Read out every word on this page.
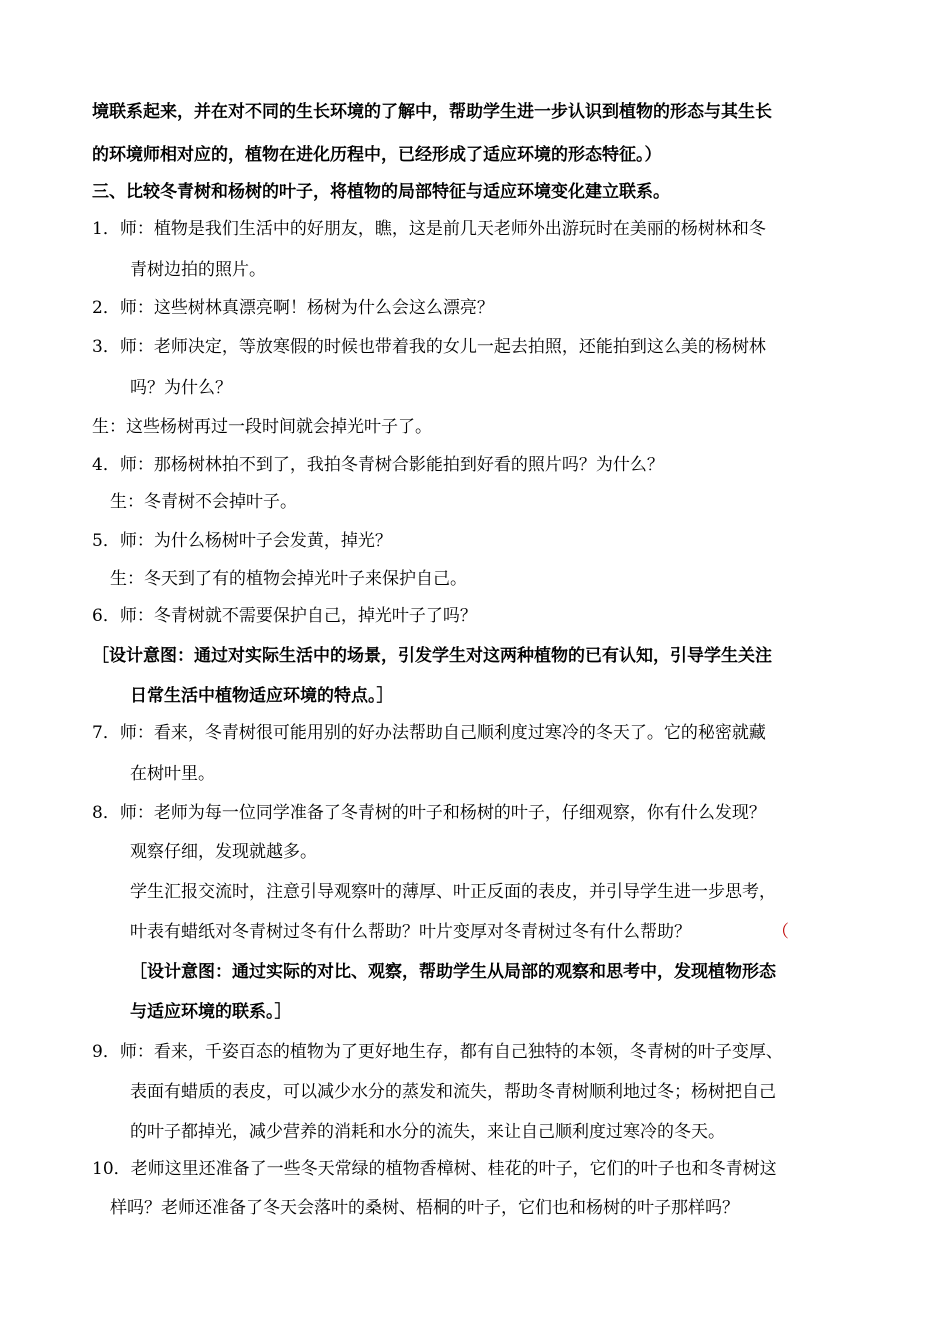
境联系起来，并在对不同的生长环境的了解中，帮助学生进一步认识到植物的形态与其生长
的环境师相对应的，植物在进化历程中，已经形成了适应环境的形态特征。）
三、比较冬青树和杨树的叶子，将植物的局部特征与适应环境变化建立联系。
1．师：植物是我们生活中的好朋友，瞧，这是前几天老师外出游玩时在美丽的杨树林和冬
青树边拍的照片。
2．师：这些树林真漂亮啊！杨树为什么会这么漂亮？
3．师：老师决定，等放寒假的时候也带着我的女儿一起去拍照，还能拍到这么美的杨树林
吗？为什么？
生：这些杨树再过一段时间就会掉光叶子了。
4．师：那杨树林拍不到了，我拍冬青树合影能拍到好看的照片吗？为什么？
生：冬青树不会掉叶子。
5．师：为什么杨树叶子会发黄，掉光？
生：冬天到了有的植物会掉光叶子来保护自己。
6．师：冬青树就不需要保护自己，掉光叶子了吗？
［设计意图：通过对实际生活中的场景，引发学生对这两种植物的已有认知，引导学生关注
日常生活中植物适应环境的特点。］
7．师：看来，冬青树很可能用别的好办法帮助自己顺利度过寒冷的冬天了。它的秘密就藏
在树叶里。
8．师：老师为每一位同学准备了冬青树的叶子和杨树的叶子，仔细观察，你有什么发现？
观察仔细，发现就越多。
学生汇报交流时，注意引导观察叶的薄厚、叶正反面的表皮，并引导学生进一步思考，
叶表有蜡纸对冬青树过冬有什么帮助？叶片变厚对冬青树过冬有什么帮助？	（
［设计意图：通过实际的对比、观察，帮助学生从局部的观察和思考中，发现植物形态
与适应环境的联系。］
9．师：看来，千姿百态的植物为了更好地生存，都有自己独特的本领，冬青树的叶子变厚、
表面有蜡质的表皮，可以减少水分的蒸发和流失，帮助冬青树顺利地过冬；杨树把自己
的叶子都掉光，减少营养的消耗和水分的流失，来让自己顺利度过寒冷的冬天。
10．老师这里还准备了一些冬天常绿的植物香樟树、桂花的叶子，它们的叶子也和冬青树这
样吗？老师还准备了冬天会落叶的桑树、梧桐的叶子，它们也和杨树的叶子那样吗？
